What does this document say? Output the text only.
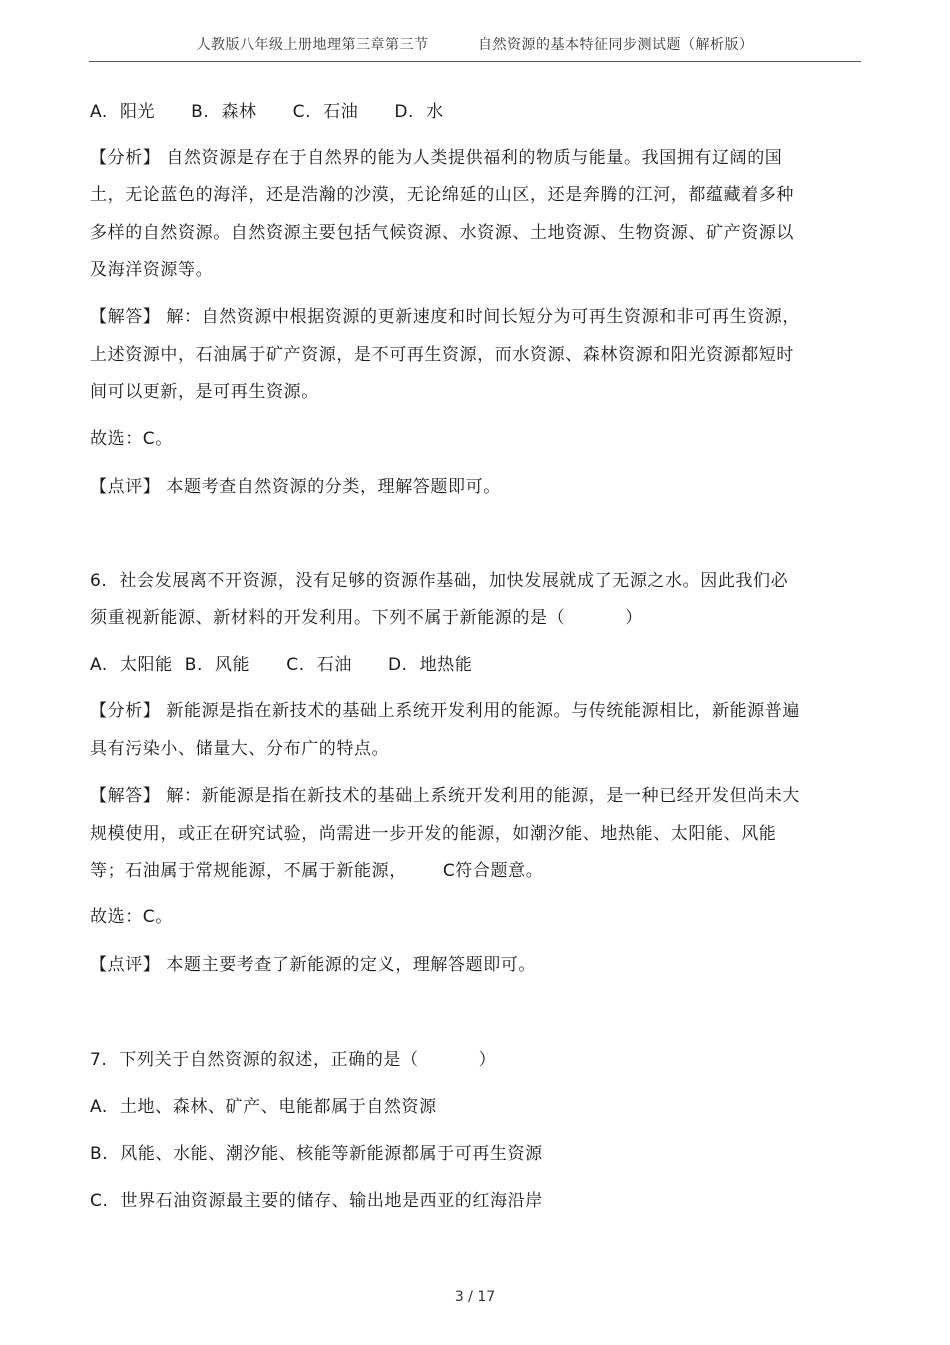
人教版八年级上册地理第三章第三节          自然资源的基本特征同步测试题（解析版）
A.  阳光      B.  森林      C.  石油      D.  水
【分析】 自然资源是存在于自然界的能为人类提供福利的物质与能量。我国拥有辽阔的国
土，无论蓝色的海洋，还是浩瀚的沙漠，无论绵延的山区，还是奔腾的江河，都蕴藏着多种
多样的自然资源。自然资源主要包括气候资源、水资源、土地资源、生物资源、矿产资源以
及海洋资源等。
【解答】 解：自然资源中根据资源的更新速度和时间长短分为可再生资源和非可再生资源，
上述资源中，石油属于矿产资源，是不可再生资源，而水资源、森林资源和阳光资源都短时
间可以更新，是可再生资源。
故选：C。
【点评】 本题考查自然资源的分类，理解答题即可。
6.  社会发展离不开资源，没有足够的资源作基础，加快发展就成了无源之水。因此我们必
须重视新能源、新材料的开发利用。下列不属于新能源的是（          ）
A.  太阳能  B.  风能      C.  石油      D.  地热能
【分析】 新能源是指在新技术的基础上系统开发利用的能源。与传统能源相比，新能源普遍
具有污染小、储量大、分布广的特点。
【解答】 解：新能源是指在新技术的基础上系统开发利用的能源，是一种已经开发但尚未大
规模使用，或正在研究试验，尚需进一步开发的能源，如潮汐能、地热能、太阳能、风能
等；石油属于常规能源，不属于新能源，      C符合题意。
故选：C。
【点评】 本题主要考查了新能源的定义，理解答题即可。
7.  下列关于自然资源的叙述，正确的是（          ）
A.  土地、森林、矿产、电能都属于自然资源
B.  风能、水能、潮汐能、核能等新能源都属于可再生资源
C.  世界石油资源最主要的储存、输出地是西亚的红海沿岸
3 / 17
